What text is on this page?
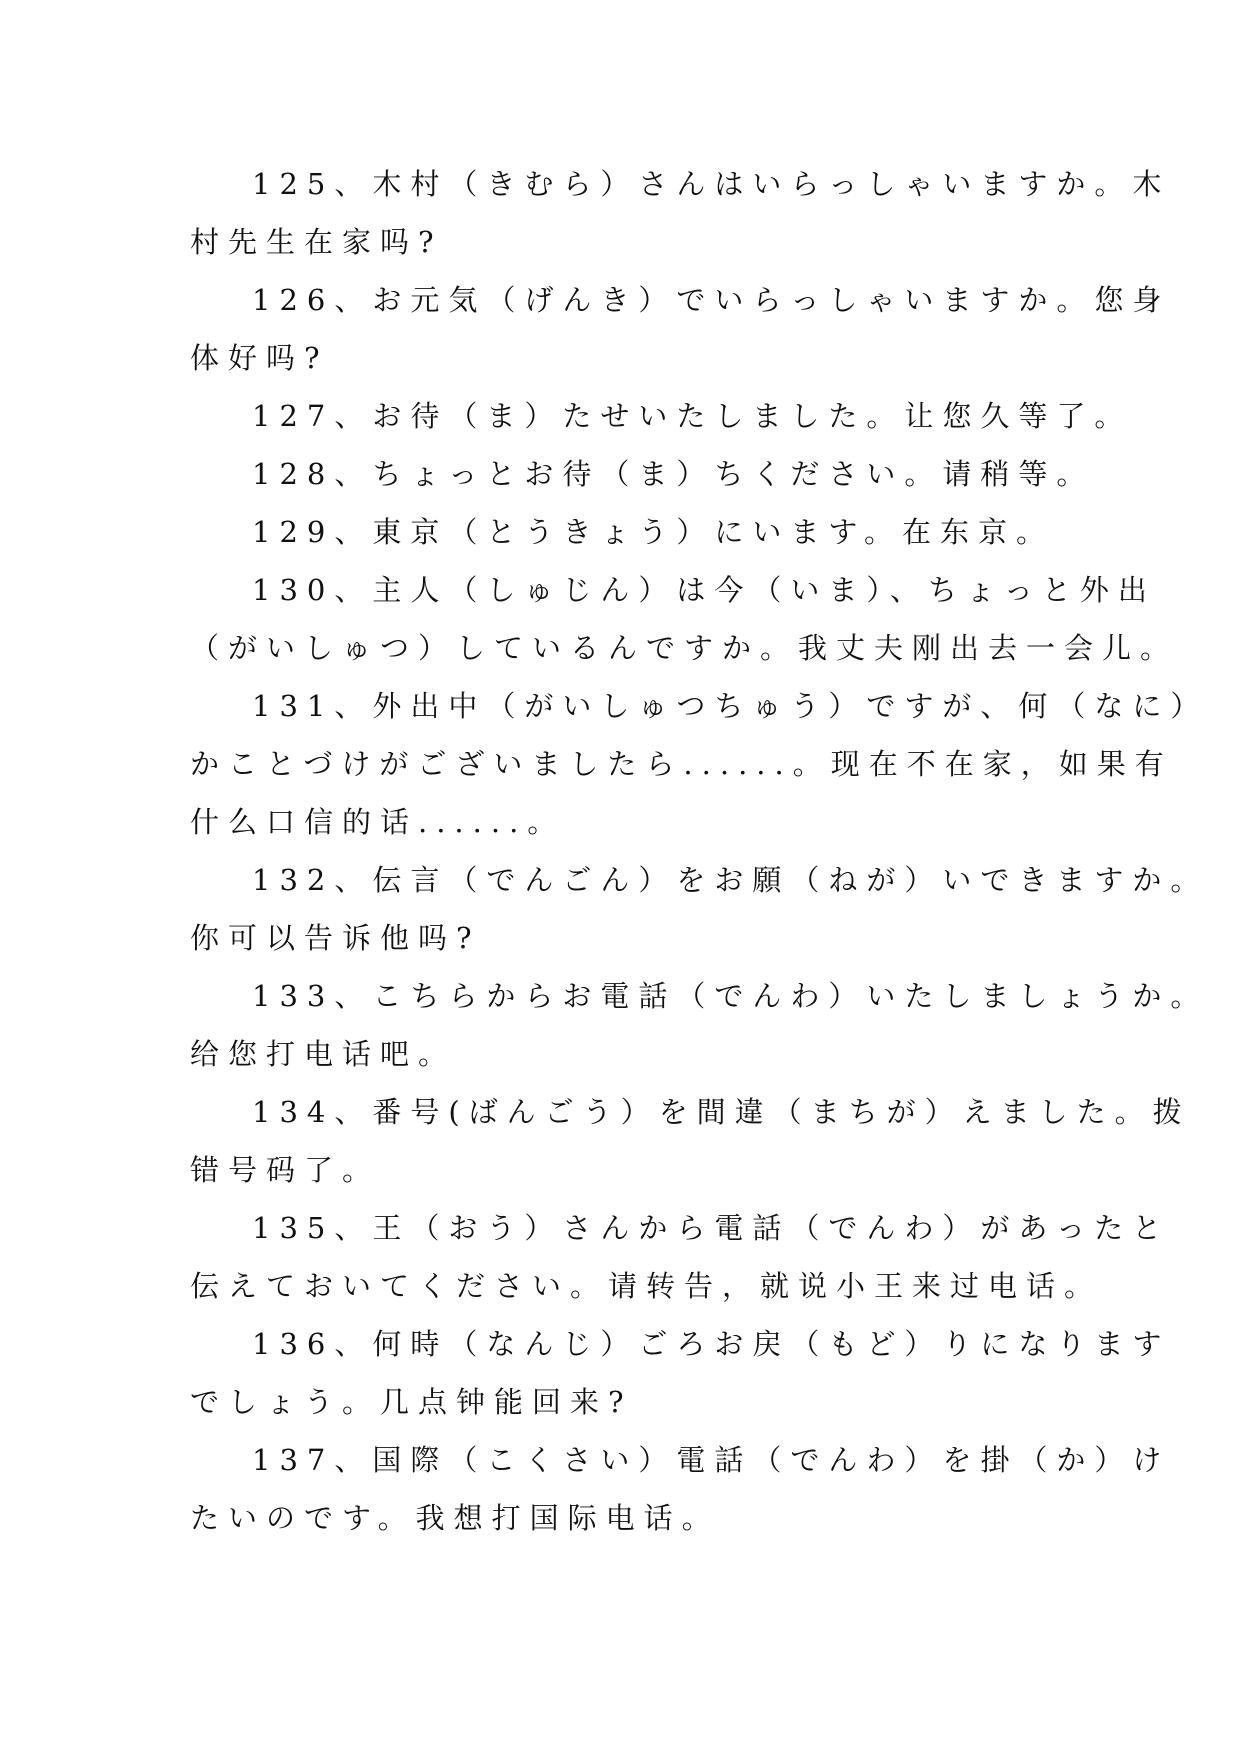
125、木村（きむら）さんはいらっしゃいますか。木
村先生在家吗?
126、お元気（げんき）でいらっしゃいますか。您身
体好吗?
127、お待（ま）たせいたしました。让您久等了。
128、ちょっとお待（ま）ちください。请稍等。
129、東京（とうきょう）にいます。在东京。
130、主人（しゅじん）は今（いま）、ちょっと外出
（がいしゅつ）しているんですか。我丈夫刚出去一会儿。
131、外出中（がいしゅつちゅう）ですが、何（なに）
かことづけがございましたら......。现在不在家，如果有
什么口信的话......。
132、伝言（でんごん）をお願（ねが）いできますか。
你可以告诉他吗?
133、こちらからお電話（でんわ）いたしましょうか。
给您打电话吧。
134、番号(ばんごう）を間違（まちが）えました。拨
错号码了。
135、王（おう）さんから電話（でんわ）があったと
伝えておいてください。请转告，就说小王来过电话。
136、何時（なんじ）ごろお戻（もど）りになります
でしょう。几点钟能回来?
137、国際（こくさい）電話（でんわ）を掛（か）け
たいのです。我想打国际电话。
